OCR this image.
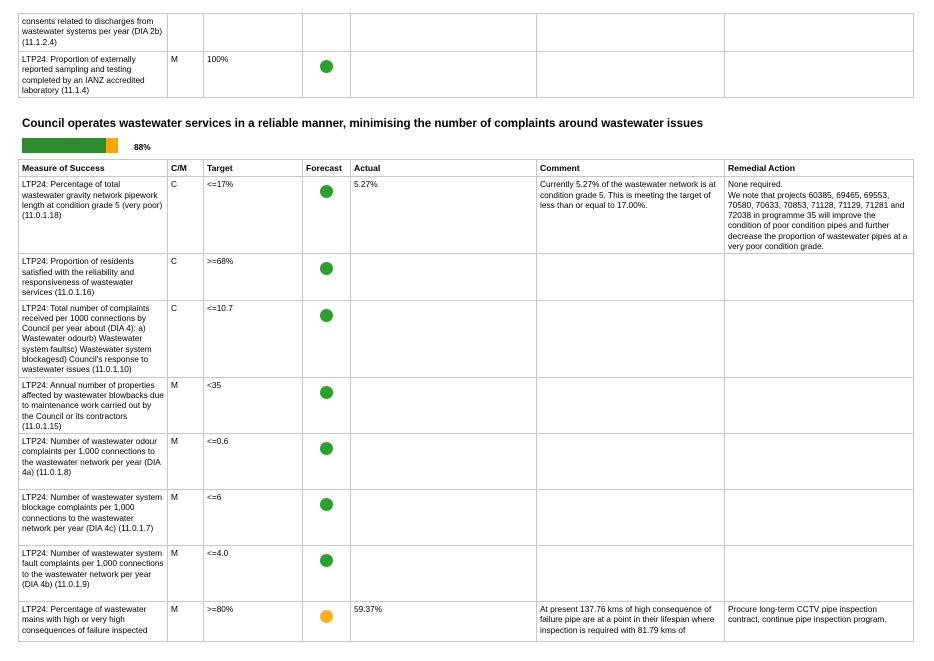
consents related to discharges from wastewater systems per year (DIA 2b) (11.1.2.4)						
LTP24: Proportion of externally reported sampling and testing completed by an IANZ accredited laboratory (11.1.4)	M	100%	

Council operates wastewater services in a reliable manner, minimising the number of complaints around wastewater issues
88%
Measure of Success	C/M	Target	Forecast	Actual	Comment	Remedial Action
LTP24: Percentage of total wastewater gravity network pipework length at condition grade 5 (very poor) (11.0.1.18)	C	<=17%		5.27%	Currently 5.27% of the wastewater network is at condition grade 5. This is meeting the target of less than or equal to 17.00%.	None required.
We note that projects 60385, 69465, 69553, 70580, 70633, 70853, 71128, 71129, 71281 and 72038 in programme 35 will improve the condition of poor condition pipes and further decrease the proportion of wastewater pipes at a very poor condition grade.
LTP24: Proportion of residents satisfied with the reliability and responsiveness of wastewater services (11.0.1.16)	C	>=68%	

LTP24: Total number of complaints received per 1000 connections by Council per year about (DIA 4): a) Wastewater odourb) Wastewater system faultsc) Wastewater system blockagesd) Council's response to wastewater issues (11.0.1.10)	C	<=10.7	

LTP24: Annual number of properties affected by wastewater blowbacks due to maintenance work carried out by the Council or its contractors (11.0.1.15)	M	<35	

LTP24: Number of wastewater odour complaints per 1,000 connections to the wastewater network per year (DIA 4a) (11.0.1.8)	M	<=0.6	

LTP24: Number of wastewater system blockage complaints per 1,000 connections to the wastewater network per year (DIA 4c) (11.0.1.7)	M	<=6	

LTP24: Number of wastewater system fault complaints per 1,000 connections to the wastewater network per year (DIA 4b) (11.0.1.9)	M	<=4.0	

LTP24: Percentage of wastewater mains with high or very high consequences of failure inspected	M	>=80%		59.37%	At present 137.76 kms of high consequence of failure pipe are at a point in their lifespan where inspection is required with 81.79 kms of	Procure long-term CCTV pipe inspection contract, continue pipe inspection program.
